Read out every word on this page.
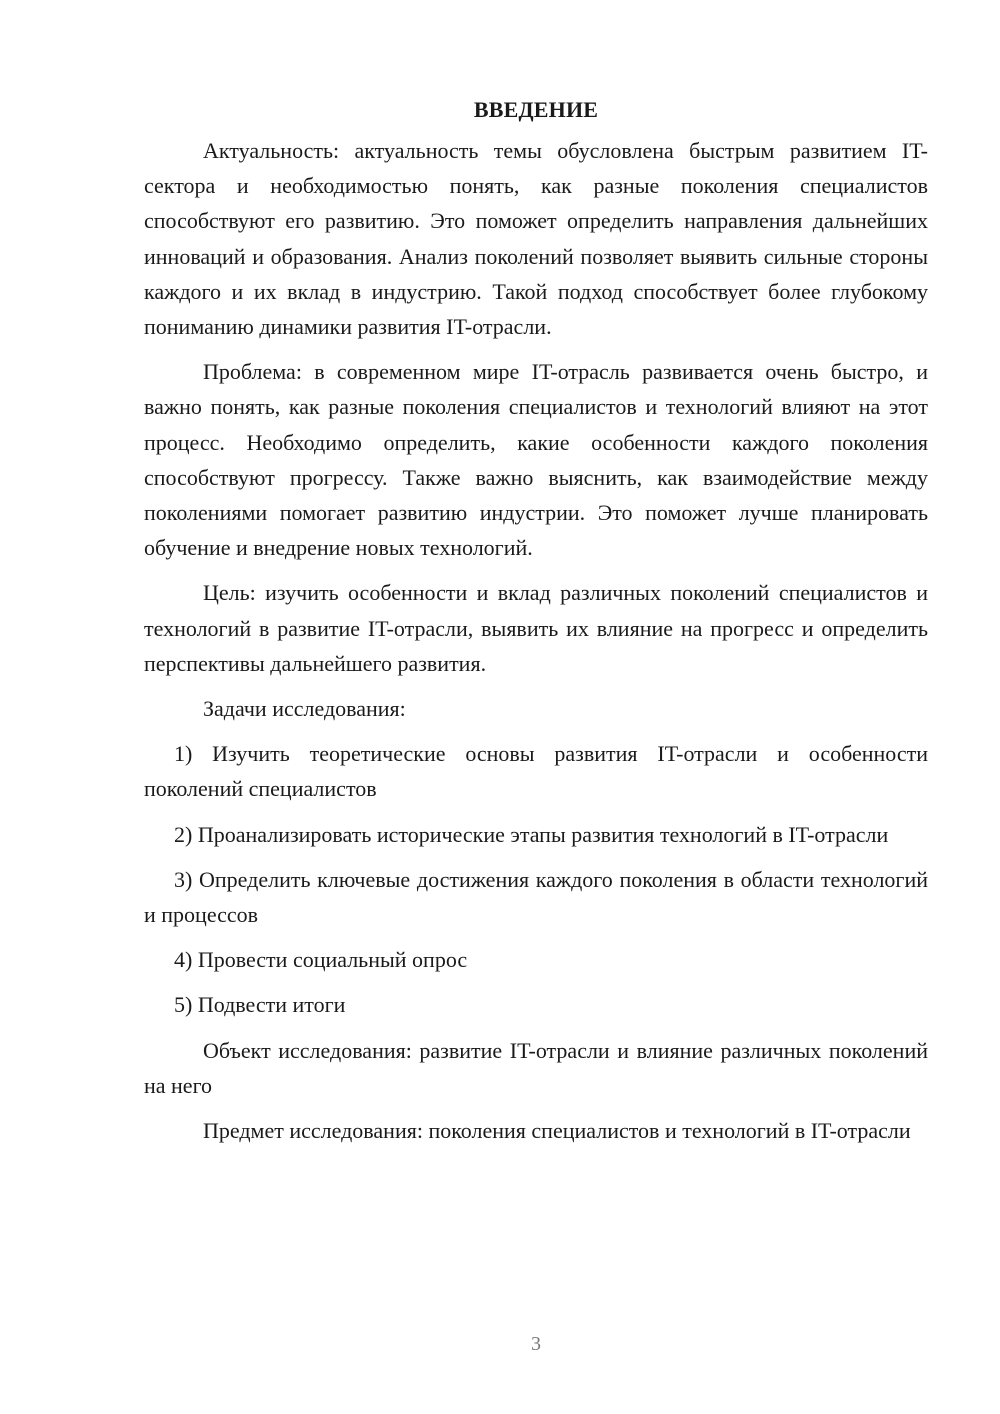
ВВЕДЕНИЕ

Актуальность: актуальность темы обусловлена быстрым развитием IT-сектора и необходимостью понять, как разные поколения специалистов способствуют его развитию. Это поможет определить направления дальнейших инноваций и образования. Анализ поколений позволяет выявить сильные стороны каждого и их вклад в индустрию. Такой подход способствует более глубокому пониманию динамики развития IT-отрасли.

Проблема: в современном мире IT-отрасль развивается очень быстро, и важно понять, как разные поколения специалистов и технологий влияют на этот процесс. Необходимо определить, какие особенности каждого поколения способствуют прогрессу. Также важно выяснить, как взаимодействие между поколениями помогает развитию индустрии. Это поможет лучше планировать обучение и внедрение новых технологий.

Цель: изучить особенности и вклад различных поколений специалистов и технологий в развитие IT-отрасли, выявить их влияние на прогресс и определить перспективы дальнейшего развития.

Задачи исследования:

1) Изучить теоретические основы развития IT-отрасли и особенности поколений специалистов

2) Проанализировать исторические этапы развития технологий в IT-отрасли

3) Определить ключевые достижения каждого поколения в области технологий и процессов

4) Провести социальный опрос

5) Подвести итоги

Объект исследования: развитие IT-отрасли и влияние различных поколений на него

Предмет исследования: поколения специалистов и технологий в IT-отрасли

3
